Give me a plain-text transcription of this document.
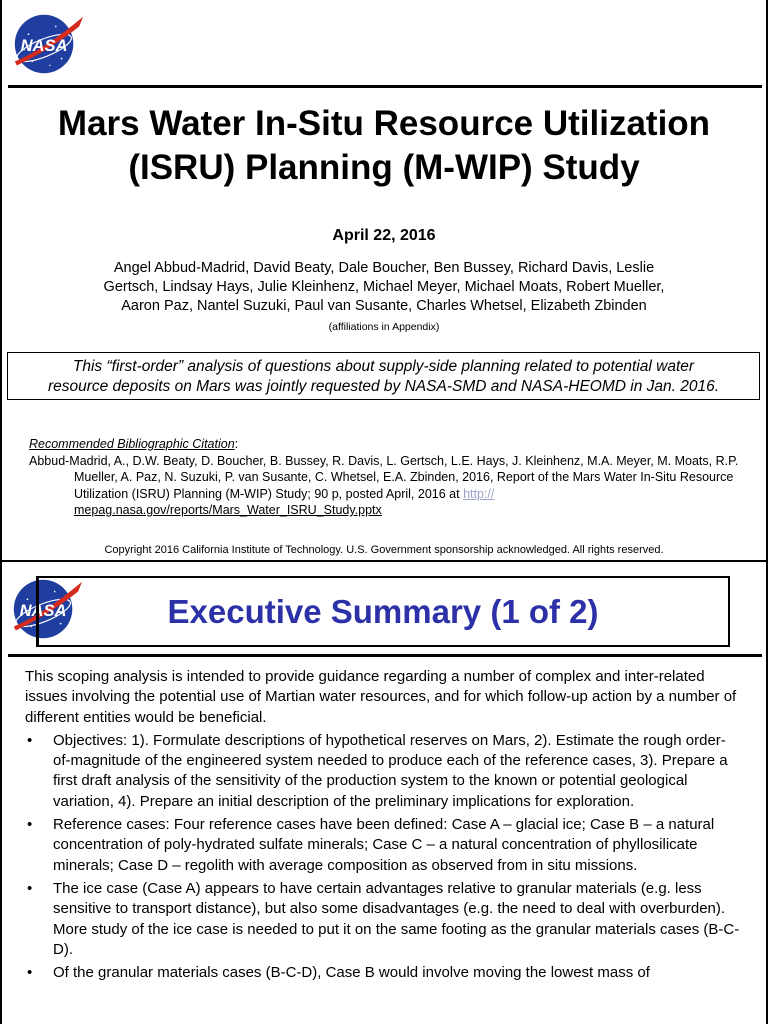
NASA
Mars Water In-Situ Resource Utilization
(ISRU) Planning (M-WIP) Study
April 22, 2016
Angel Abbud-Madrid, David Beaty, Dale Boucher, Ben Bussey, Richard Davis, Leslie
Gertsch, Lindsay Hays, Julie Kleinhenz, Michael Meyer, Michael Moats, Robert Mueller,
Aaron Paz, Nantel Suzuki, Paul van Susante, Charles Whetsel, Elizabeth Zbinden
(affiliations in Appendix)
This “first-order” analysis of questions about supply-side planning related to potential water
resource deposits on Mars was jointly requested by NASA-SMD and NASA-HEOMD in Jan. 2016.
Recommended Bibliographic Citation:
Abbud-Madrid, A., D.W. Beaty, D. Boucher, B. Bussey, R. Davis, L. Gertsch, L.E. Hays, J. Kleinhenz, M.A. Meyer, M. Moats, R.P. Mueller, A. Paz, N. Suzuki, P. van Susante, C. Whetsel, E.A. Zbinden, 2016, Report of the Mars Water In-Situ Resource Utilization (ISRU) Planning (M-WIP) Study; 90 p, posted April, 2016 at http://
mepag.nasa.gov/reports/Mars_Water_ISRU_Study.pptx
Copyright 2016 California Institute of Technology. U.S. Government sponsorship acknowledged. All rights reserved.
NASA	Executive Summary (1 of 2)

This scoping analysis is intended to provide guidance regarding a number of complex and inter-related issues involving the potential use of Martian water resources, and for which follow-up action by a number of different entities would be beneficial.

• Objectives: 1). Formulate descriptions of hypothetical reserves on Mars, 2). Estimate the rough order-of-magnitude of the engineered system needed to produce each of the reference cases, 3). Prepare a first draft analysis of the sensitivity of the production system to the known or potential geological variation, 4). Prepare an initial description of the preliminary implications for exploration.
• Reference cases: Four reference cases have been defined: Case A – glacial ice; Case B – a natural concentration of poly-hydrated sulfate minerals; Case C – a natural concentration of phyllosilicate minerals; Case D – regolith with average composition as observed from in situ missions.
• The ice case (Case A) appears to have certain advantages relative to granular materials (e.g. less sensitive to transport distance), but also some disadvantages (e.g. the need to deal with overburden). More study of the ice case is needed to put it on the same footing as the granular materials cases (B-C-D).
• Of the granular materials cases (B-C-D), Case B would involve moving the lowest mass of
